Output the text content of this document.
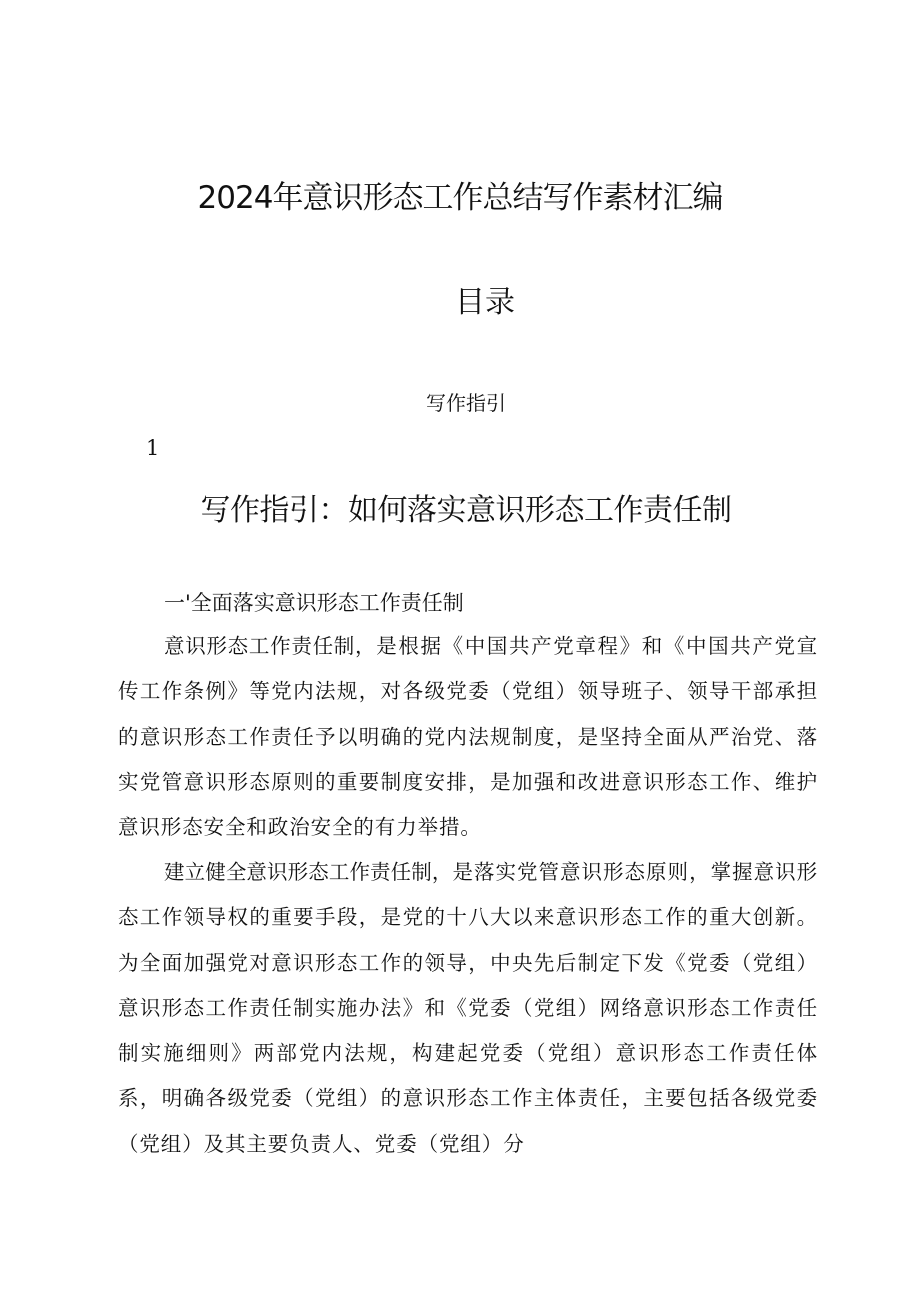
2024年意识形态工作总结写作素材汇编
目录
写作指引
1
写作指引：如何落实意识形态工作责任制
一'全面落实意识形态工作责任制

意识形态工作责任制，是根据《中国共产党章程》和《中国共产党宣传工作条例》等党内法规，对各级党委（党组）领导班子、领导干部承担的意识形态工作责任予以明确的党内法规制度，是坚持全面从严治党、落实党管意识形态原则的重要制度安排，是加强和改进意识形态工作、维护意识形态安全和政治安全的有力举措。

建立健全意识形态工作责任制，是落实党管意识形态原则，掌握意识形态工作领导权的重要手段，是党的十八大以来意识形态工作的重大创新。为全面加强党对意识形态工作的领导，中央先后制定下发《党委（党组）意识形态工作责任制实施办法》和《党委（党组）网络意识形态工作责任制实施细则》两部党内法规，构建起党委（党组）意识形态工作责任体系，明确各级党委（党组）的意识形态工作主体责任，主要包括各级党委（党组）及其主要负责人、党委（党组）分
